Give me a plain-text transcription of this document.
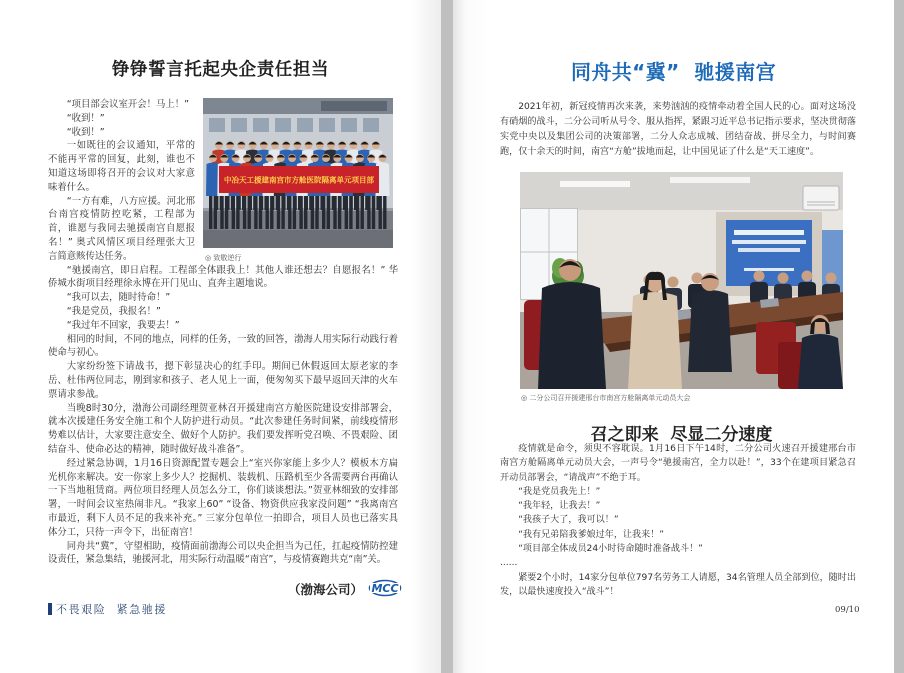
铮铮誓言托起央企责任担当
中冶天工援建南宫市方舱医院隔离单元项目部
◎ 致敬逆行

“项目部会议室开会！马上！”

“收到！”

“收到！”

一如既往的会议通知，平常的不能再平常的回复，此刻，谁也不知道这场即将召开的会议对大家意味着什么。

“一方有难，八方应援。河北邢台南宫疫情防控吃紧，工程部为首，谁愿与我同去驰援南宫自愿报名！” 奥式风情区项目经理张大卫言简意赅传达任务。

“驰援南宫，即日启程。工程部全体跟我上！其他人谁还想去？自愿报名！” 华侨城水街项目经理徐永博在开门见山、直奔主题地说。

“我可以去，随时待命！”

“我是党员，我报名！”

“我过年不回家，我要去！”

相同的时间，不同的地点，同样的任务，一致的回答，渤海人用实际行动践行着使命与初心。

大家纷纷签下请战书，摁下彰显决心的红手印。期间已休假返回太原老家的李岳、杜伟两位同志，刚到家和孩子、老人见上一面，便匆匆买下最早返回天津的火车票请求参战。

当晚8时30分，渤海公司副经理贺亚林召开援建南宫方舱医院建设安排部署会，就本次援建任务安全施工和个人防护进行动员。“此次参建任务时间紧，前线疫情形势难以估计，大家要注意安全、做好个人防护。我们要发挥听党召唤、不畏艰险、团结奋斗、使命必达的精神，随时做好战斗准备”。

经过紧急协调，1月16日资源配置专题会上“室兴你家能上多少人？模板木方扁光机你来解决。安一你家上多少人？挖掘机、装载机、压路机至少各需要两台再确认一下当地租赁商。两位项目经理人员怎么分工，你们谈谈想法。”贺亚林细致的安排部署，一时间会议室热闹非凡。“我家上60” “设备、物资供应我家没问题” “我离南宫市最近，剩下人员不足的我来补充。” 三家分包单位一拍即合，项目人员也已落实具体分工，只待一声令下，出征南宫！

同舟共“冀”，守望相助，疫情面前渤海公司以央企担当为己任，扛起疫情防控建设责任，紧急集结，驰援河北，用实际行动温暖“南宫”，与疫情赛跑共克“南”关。

（渤海公司） MCC
不畏艰险  紧急驰援
同舟共“冀”  驰援南宫

2021年初，新冠疫情再次来袭，来势汹汹的疫情牵动着全国人民的心。面对这场没有硝烟的战斗，二分公司听从号令、服从指挥，紧跟习近平总书记指示要求，坚决贯彻落实党中央以及集团公司的决策部署，二分人众志成城、团结奋战、拼尽全力，与时间赛跑，仅十余天的时间，南宫“方舱”拔地而起，让中国见证了什么是“天工速度”。

◎ 二分公司召开援建邢台市南宫方舱隔离单元动员大会
召之即来  尽显二分速度

疫情就是命令，须臾不容耽误。1月16日下午14时，二分公司火速召开援建邢台市南宫方舱隔离单元动员大会，一声号令“驰援南宫，全力以赴！”，33个在建项目紧急召开动员部署会，“请战声”不绝于耳。

“我是党员我先上！”

“我年轻，让我去！”

“我孩子大了，我可以！”

“我有兄弟陪我爹娘过年，让我来！”

“项目部全体成员24小时待命随时准备战斗！”

......

紧要2个小时，14家分包单位797名劳务工人请愿，34名管理人员全部到位，随时出发，以最快速度投入“战斗”！

09/10
